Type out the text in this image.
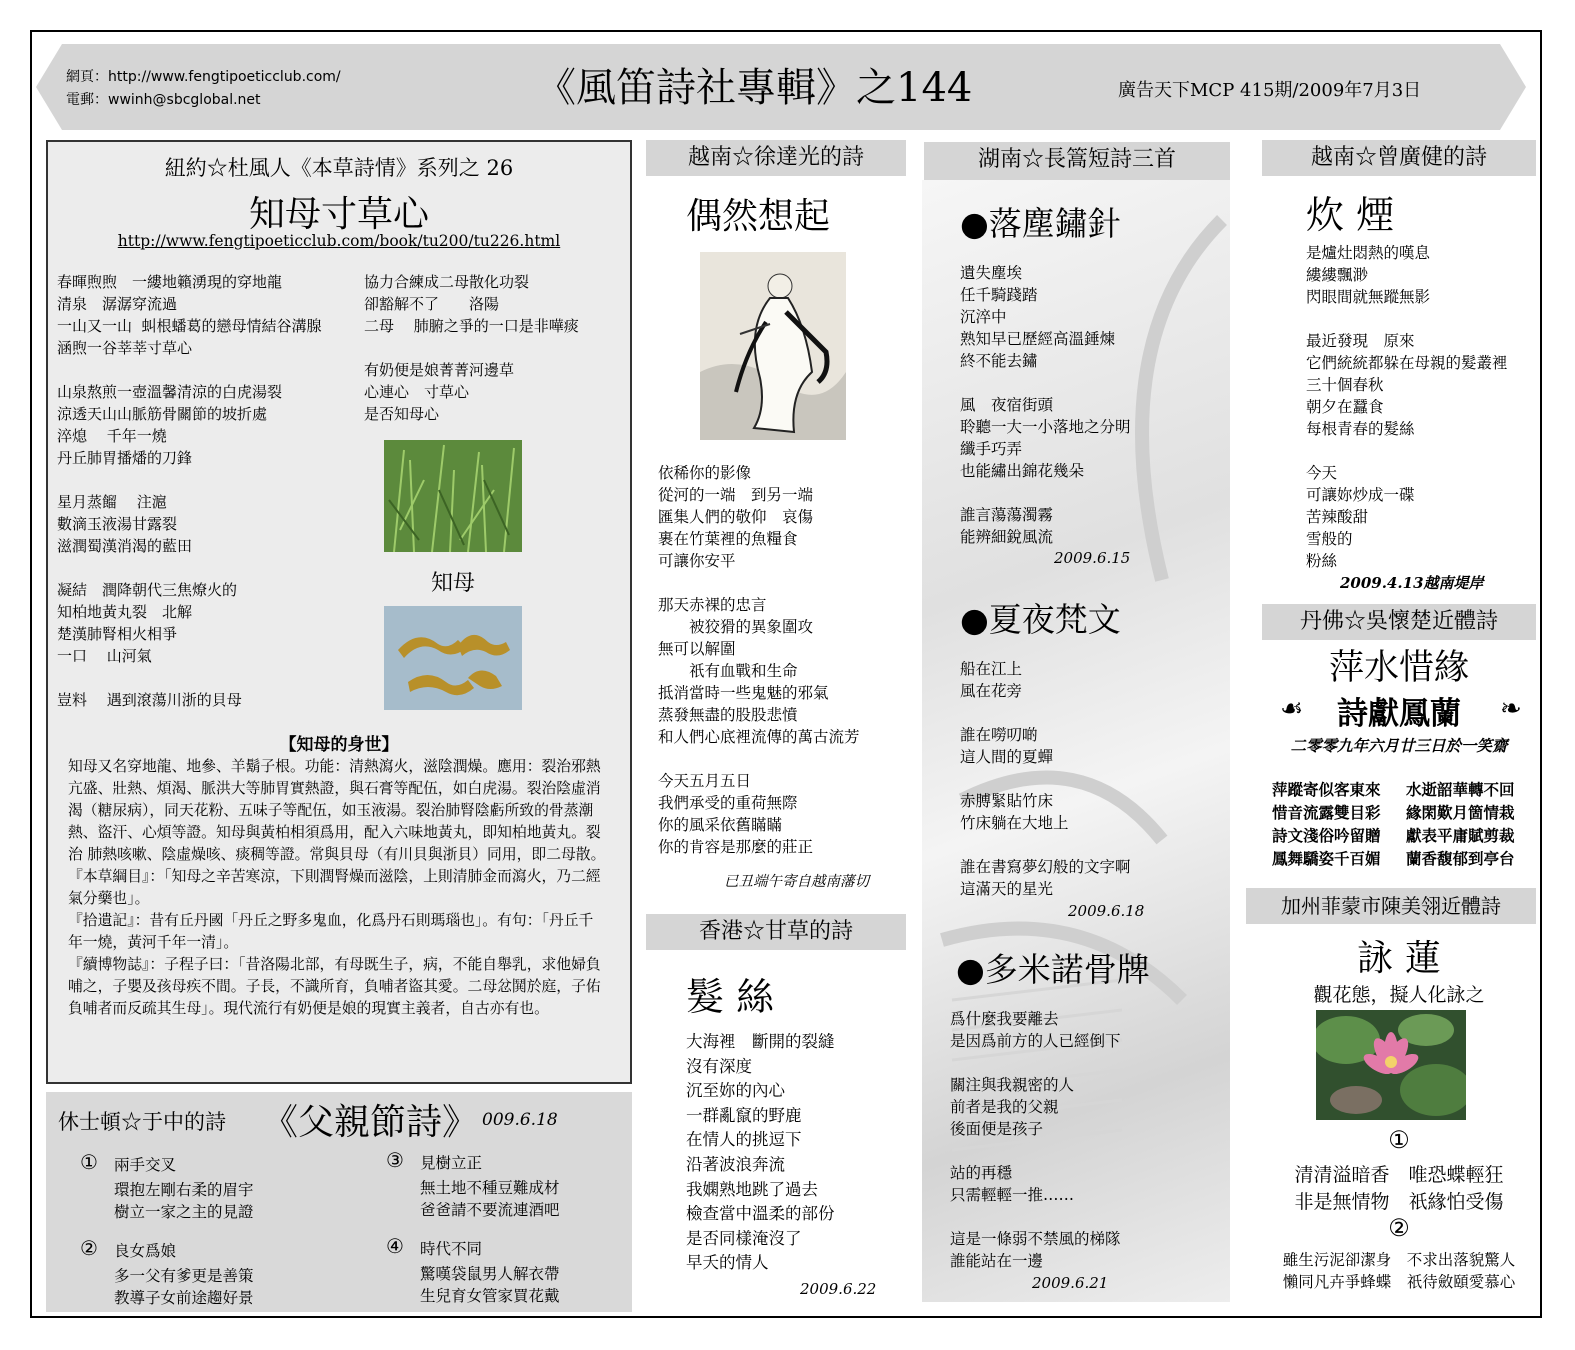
網頁：http://www.fengtipoeticclub.com/
電郵：wwinh@sbcglobal.net	《風笛詩社專輯》之144	廣告天下MCP 415期/2009年7月3日
紐約☆杜風人《本草詩情》系列之 26
知母寸草心
http://www.fengtipoeticclub.com/book/tu200/tu226.html
春暉煦煦　一縷地籟湧現的穿地龍
清泉　潺潺穿流過
一山又一山  虯根蟠葛的戀母情結谷溝腺
涵煦一谷莘莘寸草心

山泉熬煎一壺溫馨清涼的白虎湯裂
涼透天山山脈筋骨關節的坡折處
淬熄　 千年一燒
丹丘肺胃播燔的刀鋒

星月蒸餾　 注滬
數滴玉液湯甘露裂
滋潤蜀漢消渴的藍田

凝結　潤降朝代三焦燎火的
知柏地黃丸裂　北解
楚漢肺腎相火相爭
一口　 山河氣

豈料　 遇到滾蕩川浙的貝母
協力合練成二母散化功裂
卻豁解不了　　洛陽
二母　 肺腑之爭的一口是非嘩痰

有奶便是娘菁菁河邊草
心連心　寸草心
是否知母心
知母
【知母的身世】
知母又名穿地龍、地參、羊鬍子根。功能：清熱瀉火，滋陰潤燥。應用：裂治邪熱亢盛、壯熱、煩渴、脈洪大等肺胃實熱證，與石膏等配伍，如白虎湯。裂治陰虛消渴（糖尿病），同天花粉、五味子等配伍，如玉液湯。裂治肺腎陰虧所致的骨蒸潮熱、盜汗、心煩等證。知母與黃柏相須爲用，配入六味地黃丸，即知柏地黃丸。裂治 肺熱咳嗽、陰虛燥咳、痰稠等證。常與貝母（有川貝與浙貝）同用，即二母散。
『本草綱目』：「知母之辛苦寒涼，下則潤腎燥而滋陰，上則清肺金而瀉火，乃二經氣分藥也」。
『拾遺記』：昔有丘丹國「丹丘之野多鬼血，化爲丹石則瑪瑙也」。有句：「丹丘千年一燒，黃河千年一清」。
『續博物誌』：子程子曰：「昔洛陽北部，有母既生子，病，不能自舉乳，求他婦負哺之，子嬰及孩母疾不間。子長，不識所育，負哺者盜其愛。二母忿鬨於庭，子佑負哺者而反疏其生母」。現代流行有奶便是娘的現實主義者，自古亦有也。
休士頓☆于中的詩 《父親節詩》 009.6.18
① 兩手交叉
環抱左剛右柔的眉宇
樹立一家之主的見證
② 良女爲娘
多一父有爹更是善策
教導子女前途趨好景
③ 見樹立正
無土地不種豆難成材
爸爸請不要流連酒吧
④ 時代不同
驚嘆袋鼠男人解衣帶
生兒育女管家買花戴
越南☆徐達光的詩
偶然想起
依稀你的影像
從河的一端　到另一端
匯集人們的敬仰　哀傷
裹在竹葉裡的魚糧食
可讓你安平

那天赤裸的忠言
　　被狡猾的異象圍攻
無可以解圍
　　祇有血戰和生命
抵消當時一些鬼魅的邪氣
蒸發無盡的股股悲憤
和人們心底裡流傳的萬古流芳

今天五月五日
我們承受的重荷無際
你的風采依舊瞞瞞
你的肯容是那麼的莊正
已丑端午寄自越南藩切
香港☆甘草的詩
髮 絲
大海裡　斷開的裂縫
沒有深度
沉至妳的內心
一群亂竄的野鹿
在情人的挑逗下
沿著波浪奔流
我嫻熟地跳了過去
檢查當中溫柔的部份
是否同樣淹沒了
早夭的情人
2009.6.22
湖南☆長篙短詩三首
●落塵鏽針
遺失塵埃
任千騎踐踏
沉淬中
熟知早已歷經高溫錘煉
終不能去鏽

風　夜宿街頭
聆聽一大一小落地之分明
纖手巧弄
也能繡出錦花幾朵

誰言蕩蕩濁霧
能辨細銳風流
2009.6.15
●夏夜梵文
船在江上
風在花旁

誰在嘮叨啲
這人間的夏蟬

赤膊緊貼竹床
竹床躺在大地上

誰在書寫夢幻般的文字啊
這滿天的星光
2009.6.18
●多米諾骨牌
爲什麼我要離去
是因爲前方的人已經倒下

關注與我親密的人
前者是我的父親
後面便是孩子

站的再穩
只需輕輕一推……

這是一條弱不禁風的梯隊
誰能站在一邊
2009.6.21
越南☆曾廣健的詩
炊 煙
是爐灶悶熱的嘆息
縷縷飄渺
閃眼間就無蹤無影

最近發現　原來
它們統統都躲在母親的髮叢裡
三十個春秋
朝夕在蠶食
每根青春的髮絲

今天
可讓妳炒成一碟
苦辣酸甜
雪般的
粉絲
2009.4.13越南堤岸
丹佛☆吳懷楚近體詩
萍水惜緣
☙	詩獻鳳蘭	❧
二零零九年六月廿三日於一笑齋
萍蹤寄似客東來
惜音流露雙目彩
詩文淺俗吟留贈
鳳舞驕姿千百媚
水逝韶華轉不回
緣閑歎月箇情栽
獻表平庸賦剪裁
蘭香馥郁到亭台
加州菲蒙市陳美翎近體詩
詠 蓮
觀花態，擬人化詠之
①
清清溢暗香　唯恐蝶輕狂
非是無情物　祇緣怕受傷
②
雖生污泥卻潔身　不求出落貌驚人
懶同凡卉爭蜂蝶　祇待斂頤愛慕心
